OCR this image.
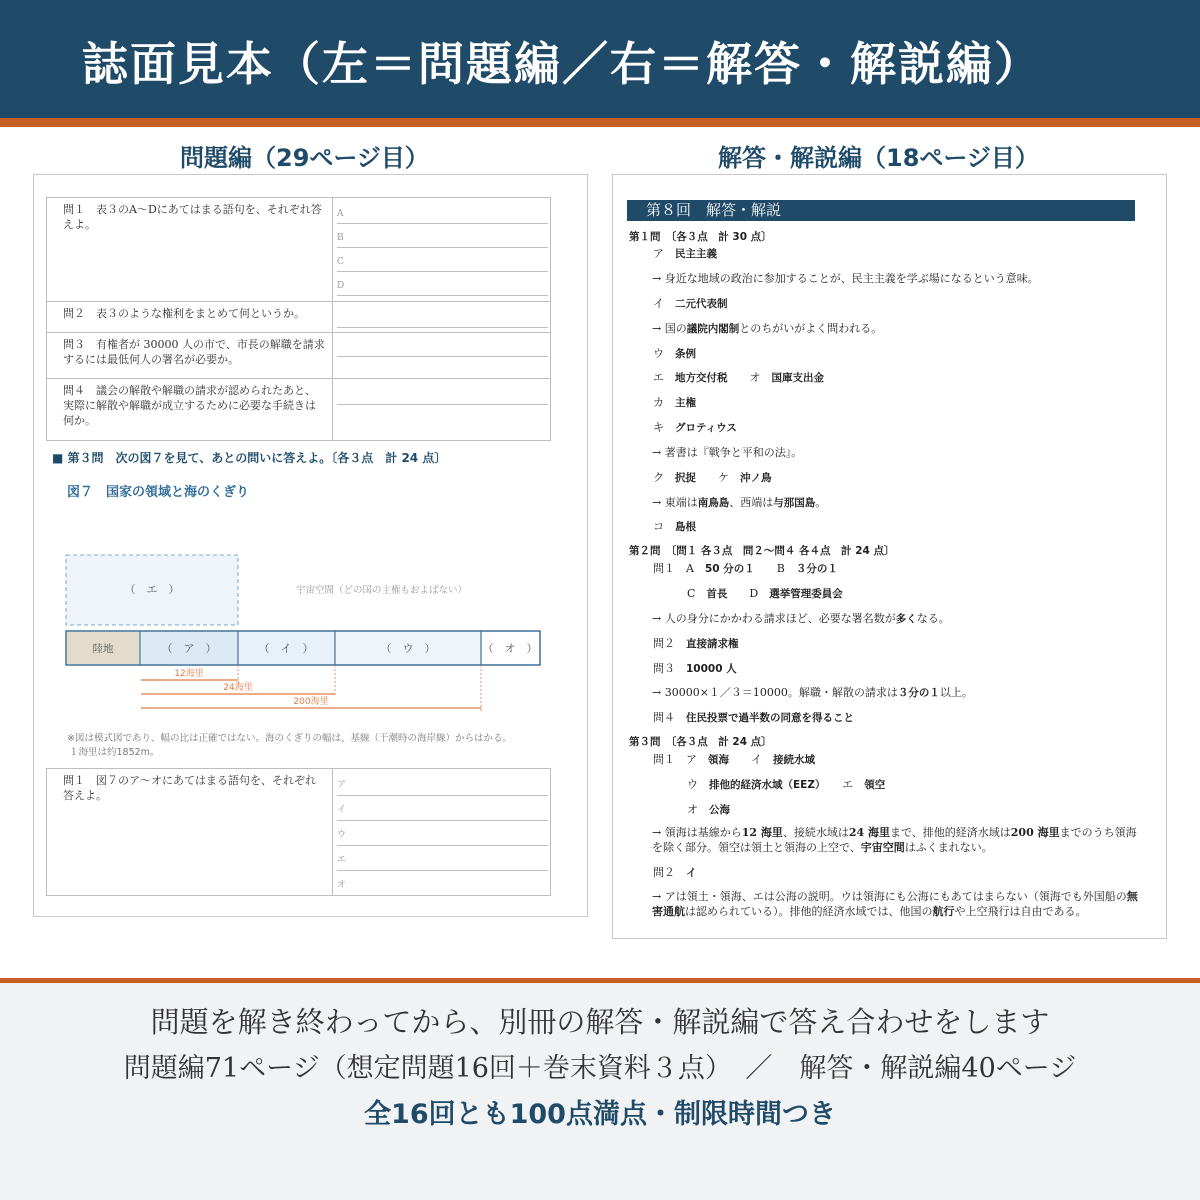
誌面見本（左＝問題編／右＝解答・解説編）
問題編（29ページ目）	解答・解説編（18ページ目）
問１　表３のA～Dにあてはまる語句を、それぞれ答えよ。
A
B
C
D
問２　表３のような権利をまとめて何というか。
問３　有権者が 30000 人の市で、市長の解職を請求するには最低何人の署名が必要か。
問４　議会の解散や解職の請求が認められたあと、実際に解散や解職が成立するために必要な手続きは何か。
■ 第３問　次の図７を見て、あとの問いに答えよ。〔各３点　計 24 点〕
図７　国家の領域と海のくぎり
（　エ　）	宇宙空間（どの国の主権もおよばない）
陸地	（　ア　）	（　イ　）	（　ウ　）	（　オ　）
12海里
24海里
200海里
※図は模式図であり、幅の比は正確ではない。海のくぎりの幅は、基線（干潮時の海岸線）からはかる。
１海里は約1852m。
問１　図７のア～オにあてはまる語句を、それぞれ答えよ。
ア
イ
ウ
エ
オ
第８回　解答・解説
第１問　〔各３点　計 30 点〕
ア　 民主主義
→ 身近な地域の政治に参加することが、民主主義を学ぶ場になるという意味。
イ　 二元代表制
→ 国の議院内閣制とのちがいがよく問われる。
ウ　 条例
エ　 地方交付税　　 オ　 国庫支出金
カ　 主権
キ　 グロティウス
→ 著書は『戦争と平和の法』。
ク　 択捉　　 ケ　 沖ノ鳥
→ 東端は南鳥島、西端は与那国島。
コ　 島根
第２問　〔問１ 各３点　問２～問４ 各４点　計 24 点〕
問１　A　 50 分の１　　 B　 ３分の１
C　 首長　　 D　 選挙管理委員会
→ 人の身分にかかわる請求ほど、必要な署名数が多くなる。
問２　 直接請求権
問３　 10000 人
→ 30000×１／３＝10000。解職・解散の請求は３分の１以上。
問４　 住民投票で過半数の同意を得ること
第３問　〔各３点　計 24 点〕
問１　ア　 領海　　 イ　 接続水域
ウ　 排他的経済水域（EEZ）　　 エ　 領空
オ　 公海
→ 領海は基線から12 海里、接続水域は24 海里まで、排他的経済水域は200 海里までのうち領海を除く部分。領空は領土と領海の上空で、宇宙空間はふくまれない。
問２　 イ
→ アは領土・領海、エは公海の説明。ウは領海にも公海にもあてはまらない（領海でも外国船の無害通航は認められている）。排他的経済水域では、他国の航行や上空飛行は自由である。
問題を解き終わってから、別冊の解答・解説編で答え合わせをします
問題編71ページ（想定問題16回＋巻末資料３点）　／　解答・解説編40ページ
全16回とも100点満点・制限時間つき
